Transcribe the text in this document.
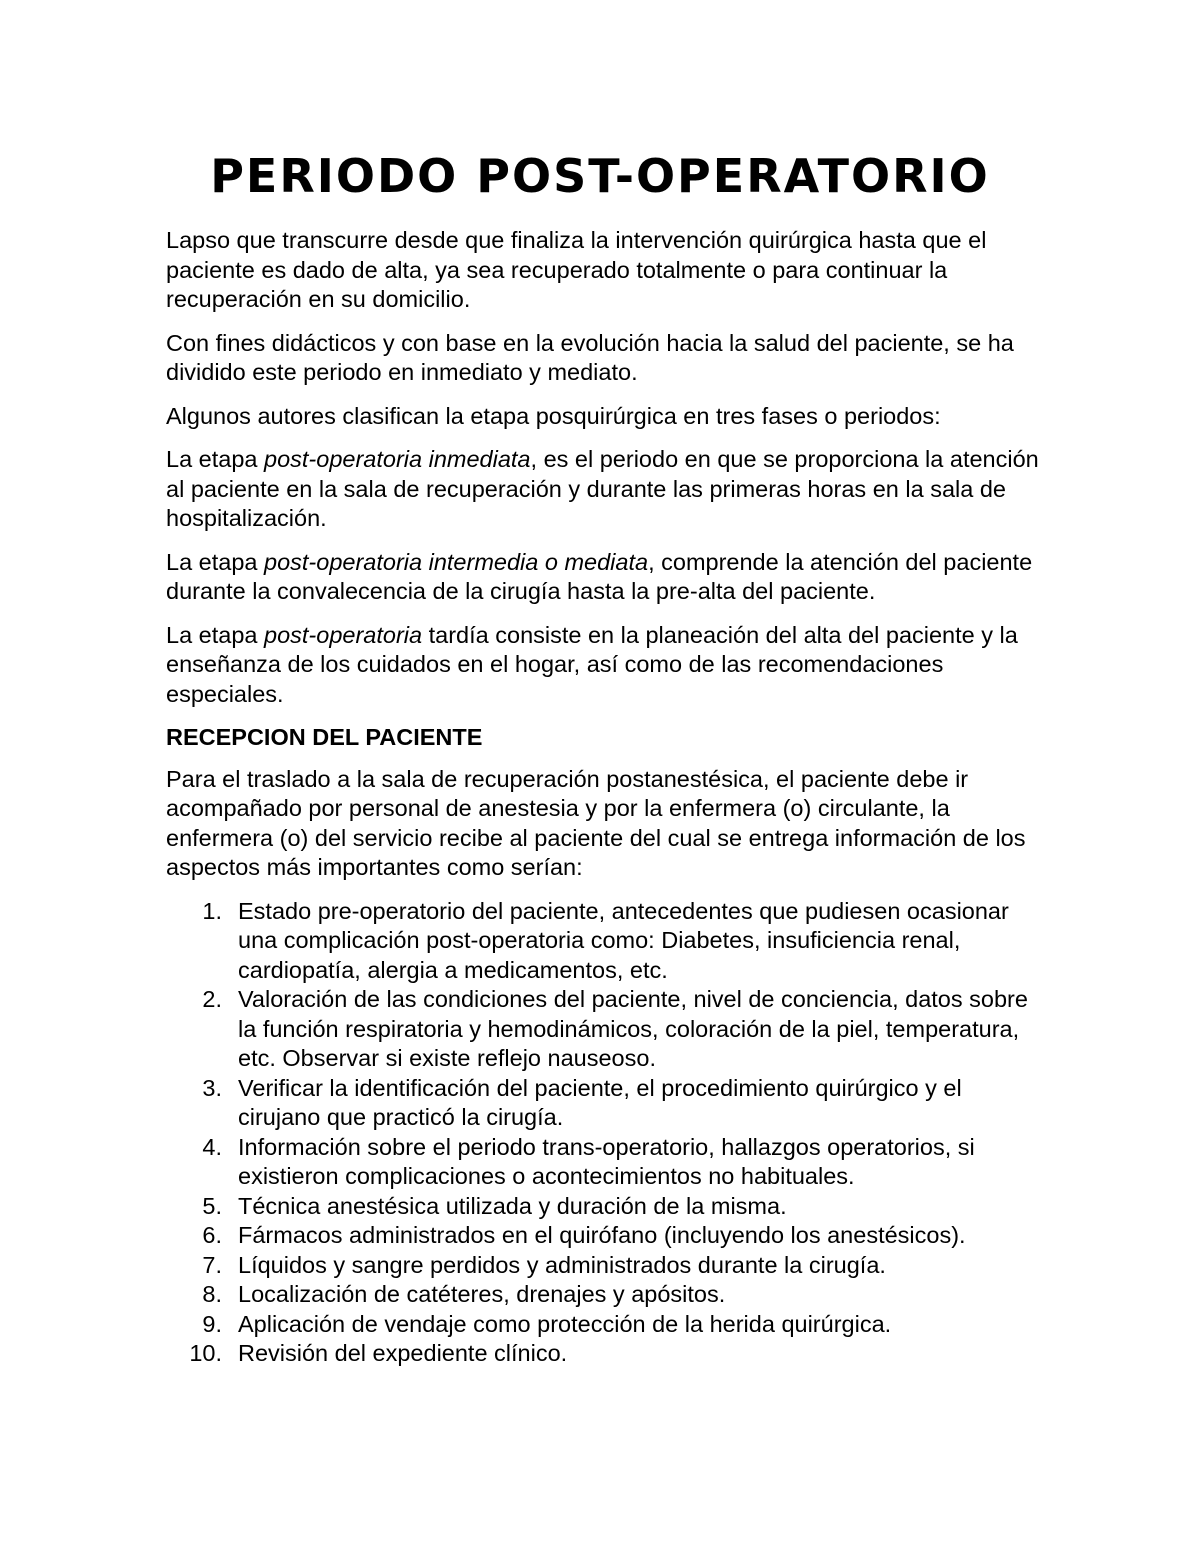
PERIODO POST-OPERATORIO

Lapso que transcurre desde que finaliza la intervención quirúrgica hasta que el paciente es dado de alta, ya sea recuperado totalmente o para continuar la recuperación en su domicilio.

Con fines didácticos y con base en la evolución hacia la salud del paciente, se ha dividido este periodo en inmediato y mediato.

Algunos autores clasifican la etapa posquirúrgica en tres fases o periodos:

La etapa post-operatoria inmediata, es el periodo en que se proporciona la atención al paciente en la sala de recuperación y durante las primeras horas en la sala de hospitalización.

La etapa post-operatoria intermedia o mediata, comprende la atención del paciente durante la convalecencia de la cirugía hasta la pre-alta del paciente.

La etapa post-operatoria tardía consiste en la planeación del alta del paciente y la enseñanza de los cuidados en el hogar, así como de las recomendaciones especiales.

RECEPCION DEL PACIENTE

Para el traslado a la sala de recuperación postanestésica, el paciente debe ir acompañado por personal de anestesia y por la enfermera (o) circulante, la enfermera (o) del servicio recibe al paciente del cual se entrega información de los aspectos más importantes como serían:

1. Estado pre-operatorio del paciente, antecedentes que pudiesen ocasionar una complicación post-operatoria como: Diabetes, insuficiencia renal, cardiopatía, alergia a medicamentos, etc.
2. Valoración de las condiciones del paciente, nivel de conciencia, datos sobre la función respiratoria y hemodinámicos, coloración de la piel, temperatura, etc. Observar si existe reflejo nauseoso.
3. Verificar la identificación del paciente, el procedimiento quirúrgico y el cirujano que practicó la cirugía.
4. Información sobre el periodo trans-operatorio, hallazgos operatorios, si existieron complicaciones o acontecimientos no habituales.
5. Técnica anestésica utilizada y duración de la misma.
6. Fármacos administrados en el quirófano (incluyendo los anestésicos).
7. Líquidos y sangre perdidos y administrados durante la cirugía.
8. Localización de catéteres, drenajes y apósitos.
9. Aplicación de vendaje como protección de la herida quirúrgica.
10. Revisión del expediente clínico.
